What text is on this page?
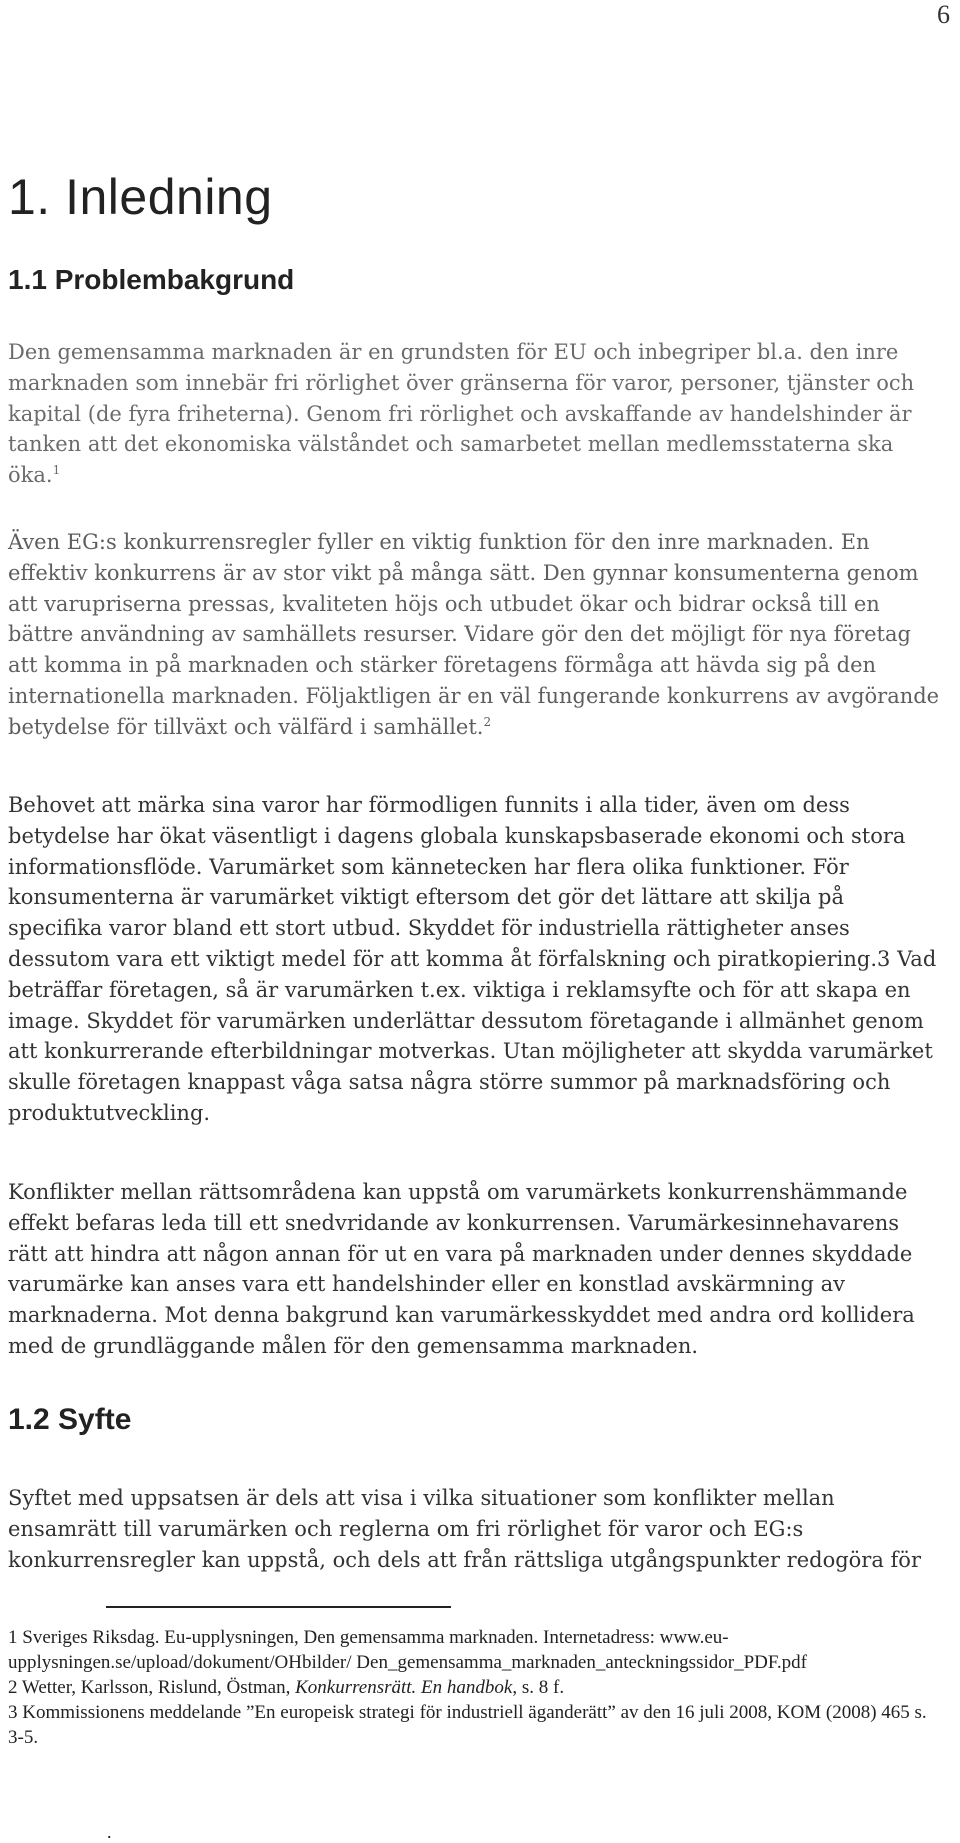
6
1. Inledning
1.1 Problembakgrund
Den gemensamma marknaden är en grundsten för EU och inbegriper bl.a. den inre marknaden som innebär fri rörlighet över gränserna för varor, personer, tjänster och kapital (de fyra friheterna). Genom fri rörlighet och avskaffande av handelshinder är tanken att det ekonomiska välståndet och samarbetet mellan medlemsstaterna ska öka.$^1$
Även EG:s konkurrensregler fyller en viktig funktion för den inre marknaden. En effektiv konkurrens är av stor vikt på många sätt. Den gynnar konsumenterna genom att varupriserna pressas, kvaliteten höjs och utbudet ökar och bidrar också till en bättre användning av samhällets resurser. Vidare gör den det möjligt för nya företag att komma in på marknaden och stärker företagens förmåga att hävda sig på den internationella marknaden. Följaktligen är en väl fungerande konkurrens av avgörande betydelse för tillväxt och välfärd i samhället.$^2$
Behovet att märka sina varor har förmodligen funnits i alla tider, även om dess betydelse har ökat väsentligt i dagens globala kunskapsbaserade ekonomi och stora informationsflöde. Varumärket som kännetecken har flera olika funktioner. För konsumenterna är varumärket viktigt eftersom det gör det lättare att skilja på specifika varor bland ett stort utbud. Skyddet för industriella rättigheter anses dessutom vara ett viktigt medel för att komma åt förfalskning och piratkopiering.3 Vad beträffar företagen, så är varumärken t.ex. viktiga i reklamsyfte och för att skapa en image. Skyddet för varumärken underlättar dessutom företagande i allmänhet genom att konkurrerande efterbildningar motverkas. Utan möjligheter att skydda varumärket skulle företagen knappast våga satsa några större summor på marknadsföring och produktutveckling.
Konflikter mellan rättsområdena kan uppstå om varumärkets konkurrenshämmande effekt befaras leda till ett snedvridande av konkurrensen. Varumärkesinnehavarens rätt att hindra att någon annan för ut en vara på marknaden under dennes skyddade varumärke kan anses vara ett handelshinder eller en konstlad avskärmning av marknaderna. Mot denna bakgrund kan varumärkesskyddet med andra ord kollidera med de grundläggande målen för den gemensamma marknaden.
1.2 Syfte
Syftet med uppsatsen är dels att visa i vilka situationer som konflikter mellan ensamrätt till varumärken och reglerna om fri rörlighet för varor och EG:s konkurrensregler kan uppstå, och dels att från rättsliga utgångspunkter redogöra för

1 Sveriges Riksdag. Eu-upplysningen, Den gemensamma marknaden. Internetadress: www.eu-upplysningen.se/upload/dokument/OHbilder/ Den_gemensamma_marknaden_anteckningssidor_PDF.pdf

2 Wetter, Karlsson, Rislund, Östman, Konkurrensrätt. En handbok, s. 8 f.

3 Kommissionens meddelande ”En europeisk strategi för industriell äganderätt” av den 16 juli 2008, KOM (2008) 465 s. 3-5.

.
